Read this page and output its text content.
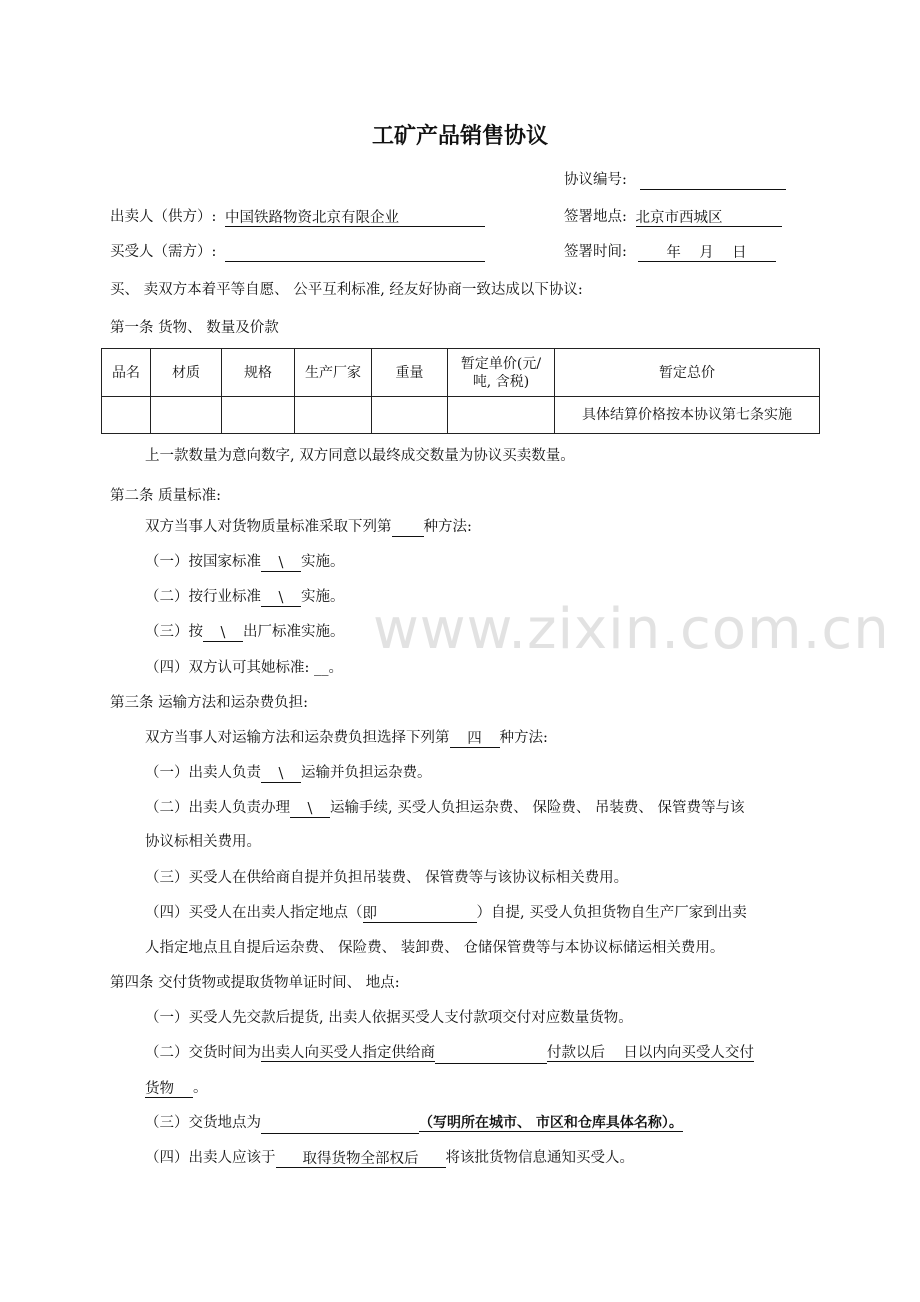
www.zixin.com.cn
工矿产品销售协议
协议编号:
出卖人（供方）: 中国铁路物资北京有限企业	签署地点: 北京市西城区
买受人（需方）:	签署时间:	年    月    日
买、 卖双方本着平等自愿、 公平互利标准, 经友好协商一致达成以下协议:
第一条 货物、 数量及价款
品名	材质	规格	生产厂家	重量	暂定单价(元/吨, 含税)	暂定总价
						具体结算价格按本协议第七条实施
上一款数量为意向数字, 双方同意以最终成交数量为协议买卖数量。
第二条 质量标准:
双方当事人对货物质量标准采取下列第 种方法:
（一）按国家标准 \ 实施。
（二）按行业标准 \ 实施。
（三）按 \ 出厂标准实施。
（四）双方认可其她标准: __。
第三条 运输方法和运杂费负担:
双方当事人对运输方法和运杂费负担选择下列第 四 种方法:
（一）出卖人负责 \ 运输并负担运杂费。
（二）出卖人负责办理 \ 运输手续, 买受人负担运杂费、 保险费、 吊装费、 保管费等与该
协议标相关费用。
（三）买受人在供给商自提并负担吊装费、 保管费等与该协议标相关费用。
（四）买受人在出卖人指定地点（即	）自提, 买受人负担货物自生产厂家到出卖
人指定地点且自提后运杂费、 保险费、 装卸费、 仓储保管费等与本协议标储运相关费用。
第四条 交付货物或提取货物单证时间、 地点:
（一）买受人先交款后提货, 出卖人依据买受人支付款项交付对应数量货物。
（二）交货时间为出卖人向买受人指定供给商	付款以后    日以内向买受人交付
货物 。
（三）交货地点为	（写明所在城市、 市区和仓库具体名称）。
（四）出卖人应该于 取得货物全部权后 将该批货物信息通知买受人。
